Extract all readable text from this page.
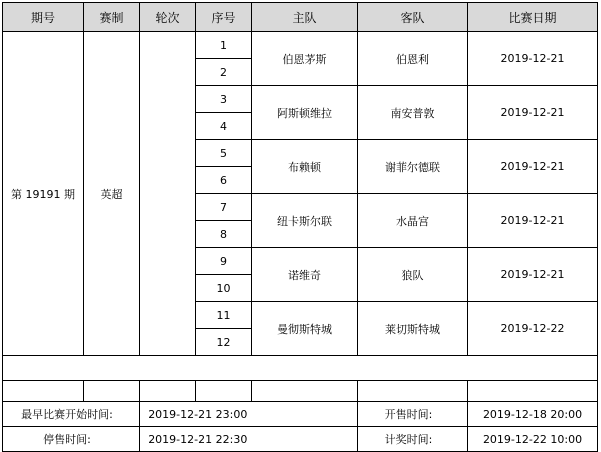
期号	赛制	轮次	序号	主队	客队	比赛日期
第 19191 期	英超		1	伯恩茅斯	伯恩利	2019-12-21
			2			
			3	阿斯顿维拉	南安普敦	2019-12-21
			4			
			5	布赖顿	谢菲尔德联	2019-12-21
			6			
			7	纽卡斯尔联	水晶宫	2019-12-21
			8			
			9	诺维奇	狼队	2019-12-21
			10			
			11	曼彻斯特城	莱切斯特城	2019-12-22
			12			

最早比赛开始时间:		2019-12-21 23:00			开售时间:	2019-12-18 20:00
停售时间:		2019-12-21 22:30			计奖时间:	2019-12-22 10:00
